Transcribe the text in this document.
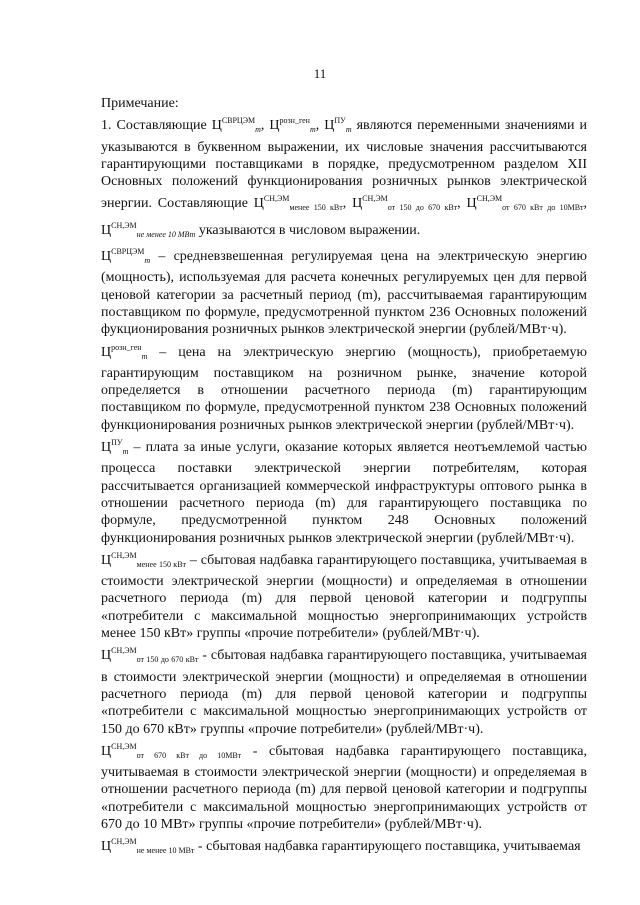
11

Примечание:

1. Составляющие $Ц^{СВРЦЭМ}_m$, $Ц^{розн\_ген}_m$, $Ц^{ПУ}_m$ являются переменными значениями и указываются в буквенном выражении, их числовые значения рассчитываются гарантирующими поставщиками в порядке, предусмотренном разделом XII Основных положений функционирования розничных рынков электрической энергии. Составляющие $Ц^{СН,ЭМ}_{менее 150 кВт}$, $Ц^{СН,ЭМ}_{от 150 до 670 кВт}$, $Ц^{СН,ЭМ}_{от 670 кВт до 10МВт}$, $Ц^{СН,ЭМ}_{не менее 10 МВт}$ указываются в числовом выражении.

$Ц^{СВРЦЭМ}_m$ – средневзвешенная регулируемая цена на электрическую энергию (мощность), используемая для расчета конечных регулируемых цен для первой ценовой категории за расчетный период (m), рассчитываемая гарантирующим поставщиком по формуле, предусмотренной пунктом 236 Основных положений фукционирования розничных рынков электрической энергии (рублей/МВт·ч).

$Ц^{розн\_ген}_m$ – цена на электрическую энергию (мощность), приобретаемую гарантирующим поставщиком на розничном рынке, значение которой определяется в отношении расчетного периода (m) гарантирующим поставщиком по формуле, предусмотренной пунктом 238 Основных положений функционирования розничных рынков электрической энергии (рублей/МВт·ч).

$Ц^{ПУ}_m$ – плата за иные услуги, оказание которых является неотъемлемой частью процесса поставки электрической энергии потребителям, которая рассчитывается организацией коммерческой инфраструктуры оптового рынка в отношении расчетного периода (m) для гарантирующего поставщика по формуле, предусмотренной пунктом 248 Основных положений функционирования розничных рынков электрической энергии (рублей/МВт·ч).

$Ц^{СН,ЭМ}_{менее 150 кВт}$ – сбытовая надбавка гарантирующего поставщика, учитываемая в стоимости электрической энергии (мощности) и определяемая в отношении расчетного периода (m) для первой ценовой категории и подгруппы «потребители с максимальной мощностью энергопринимающих устройств менее 150 кВт» группы «прочие потребители» (рублей/МВт·ч).

$Ц^{СН,ЭМ}_{от 150 до 670 кВт}$ - сбытовая надбавка гарантирующего поставщика, учитываемая в стоимости электрической энергии (мощности) и определяемая в отношении расчетного периода (m) для первой ценовой категории и подгруппы «потребители с максимальной мощностью энергопринимающих устройств от 150 до 670 кВт» группы «прочие потребители» (рублей/МВт·ч).

$Ц^{СН,ЭМ}_{от 670 кВт до 10МВт}$ - сбытовая надбавка гарантирующего поставщика, учитываемая в стоимости электрической энергии (мощности) и определяемая в отношении расчетного периода (m) для первой ценовой категории и подгруппы «потребители с максимальной мощностью энергопринимающих устройств от 670 до 10 МВт» группы «прочие потребители» (рублей/МВт·ч).

$Ц^{СН,ЭМ}_{не менее 10 МВт}$ - сбытовая надбавка гарантирующего поставщика, учитываемая
